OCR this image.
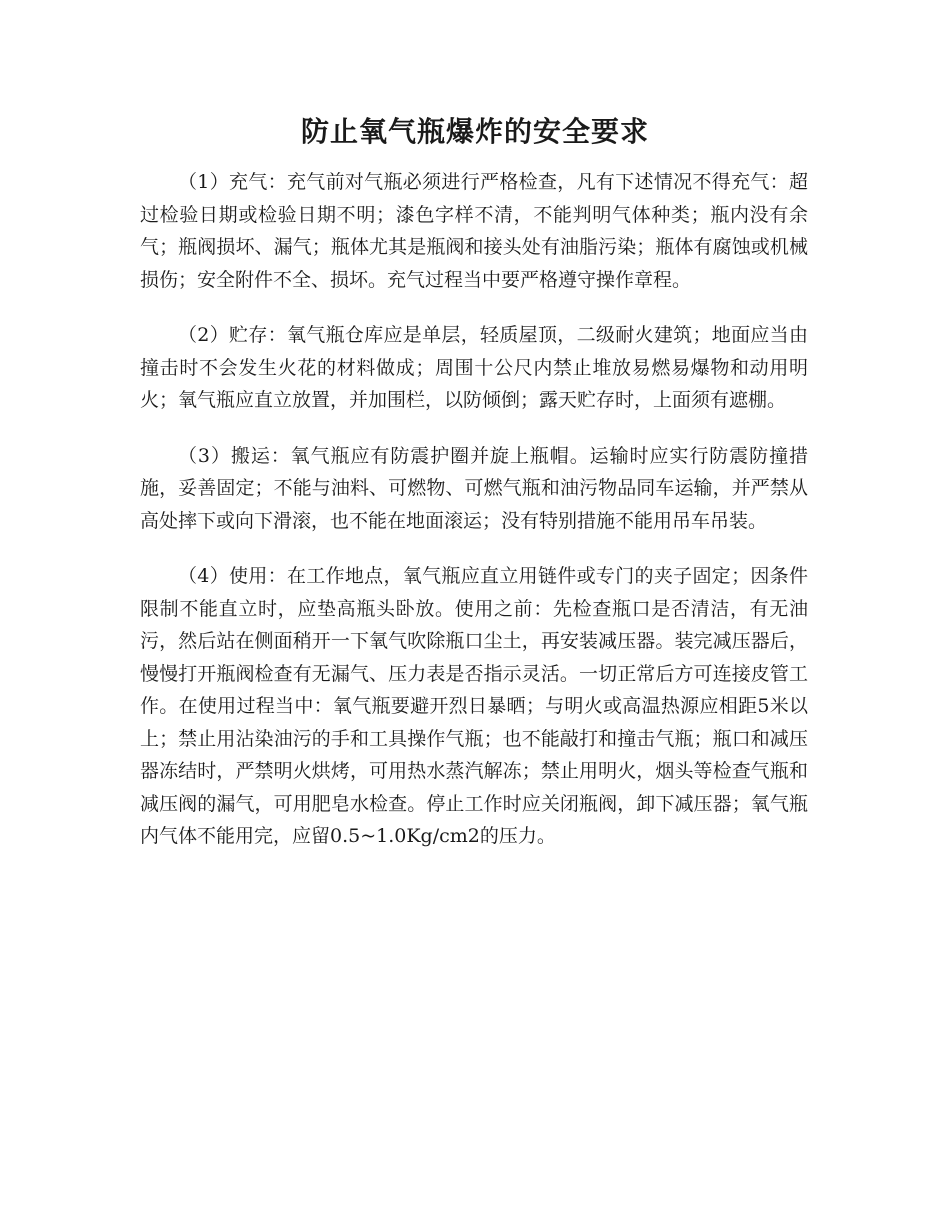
防止氧气瓶爆炸的安全要求

（1）充气：充气前对气瓶必须进行严格检查，凡有下述情况不得充气：超过检验日期或检验日期不明；漆色字样不清，不能判明气体种类；瓶内没有余气；瓶阀损坏、漏气；瓶体尤其是瓶阀和接头处有油脂污染；瓶体有腐蚀或机械损伤；安全附件不全、损坏。充气过程当中要严格遵守操作章程。

（2）贮存：氧气瓶仓库应是单层，轻质屋顶，二级耐火建筑；地面应当由撞击时不会发生火花的材料做成；周围十公尺内禁止堆放易燃易爆物和动用明火；氧气瓶应直立放置，并加围栏，以防倾倒；露天贮存时，上面须有遮棚。

（3）搬运：氧气瓶应有防震护圈并旋上瓶帽。运输时应实行防震防撞措施，妥善固定；不能与油料、可燃物、可燃气瓶和油污物品同车运输，并严禁从高处摔下或向下滑滚，也不能在地面滚运；没有特别措施不能用吊车吊装。

（4）使用：在工作地点，氧气瓶应直立用链件或专门的夹子固定；因条件限制不能直立时，应垫高瓶头卧放。使用之前：先检查瓶口是否清洁，有无油污，然后站在侧面稍开一下氧气吹除瓶口尘土，再安装减压器。装完减压器后，慢慢打开瓶阀检查有无漏气、压力表是否指示灵活。一切正常后方可连接皮管工作。在使用过程当中：氧气瓶要避开烈日暴晒；与明火或高温热源应相距5米以上；禁止用沾染油污的手和工具操作气瓶；也不能敲打和撞击气瓶；瓶口和减压器冻结时，严禁明火烘烤，可用热水蒸汽解冻；禁止用明火，烟头等检查气瓶和减压阀的漏气，可用肥皂水检查。停止工作时应关闭瓶阀，卸下减压器；氧气瓶内气体不能用完，应留0.5~1.0Kg/cm2的压力。
